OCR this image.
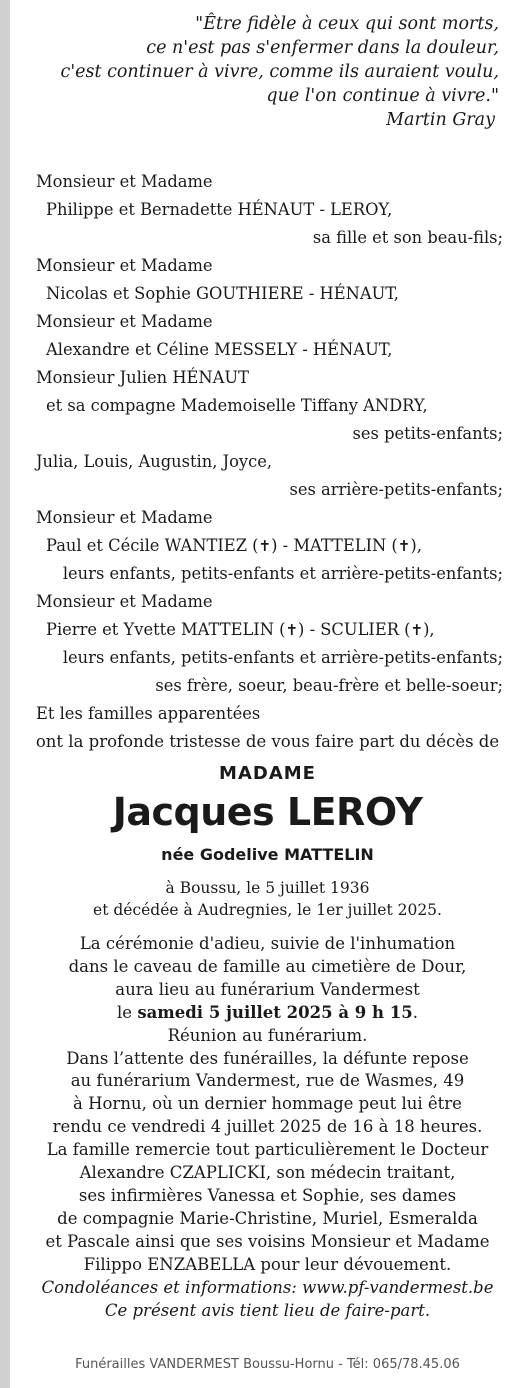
"Être fidèle à ceux qui sont morts,
ce n'est pas s'enfermer dans la douleur,
c'est continuer à vivre, comme ils auraient voulu,
que l'on continue à vivre."
Martin Gray
Monsieur et Madame
Philippe et Bernadette HÉNAUT - LEROY,
sa fille et son beau-fils;
Monsieur et Madame
Nicolas et Sophie GOUTHIERE - HÉNAUT,
Monsieur et Madame
Alexandre et Céline MESSELY - HÉNAUT,
Monsieur Julien HÉNAUT
et sa compagne Mademoiselle Tiffany ANDRY,
ses petits-enfants;
Julia, Louis, Augustin, Joyce,
ses arrière-petits-enfants;
Monsieur et Madame
Paul et Cécile WANTIEZ (✝) - MATTELIN (✝),
leurs enfants, petits-enfants et arrière-petits-enfants;
Monsieur et Madame
Pierre et Yvette MATTELIN (✝) - SCULIER (✝),
leurs enfants, petits-enfants et arrière-petits-enfants;
ses frère, soeur, beau-frère et belle-soeur;
Et les familles apparentées
ont la profonde tristesse de vous faire part du décès de
MADAME
Jacques LEROY
née Godelive MATTELIN
à Boussu, le 5 juillet 1936
et décédée à Audregnies, le 1er juillet 2025.
La cérémonie d'adieu, suivie de l'inhumation
dans le caveau de famille au cimetière de Dour,
aura lieu au funérarium Vandermest
le samedi 5 juillet 2025 à 9 h 15.
Réunion au funérarium.
Dans l’attente des funérailles, la défunte repose
au funérarium Vandermest, rue de Wasmes, 49
à Hornu, où un dernier hommage peut lui être
rendu ce vendredi 4 juillet 2025 de 16 à 18 heures.
La famille remercie tout particulièrement le Docteur
Alexandre CZAPLICKI, son médecin traitant,
ses infirmières Vanessa et Sophie, ses dames
de compagnie Marie-Christine, Muriel, Esmeralda
et Pascale ainsi que ses voisins Monsieur et Madame
Filippo ENZABELLA pour leur dévouement.
Condoléances et informations: www.pf-vandermest.be
Ce présent avis tient lieu de faire-part.
Funérailles VANDERMEST Boussu-Hornu - Tél: 065/78.45.06
